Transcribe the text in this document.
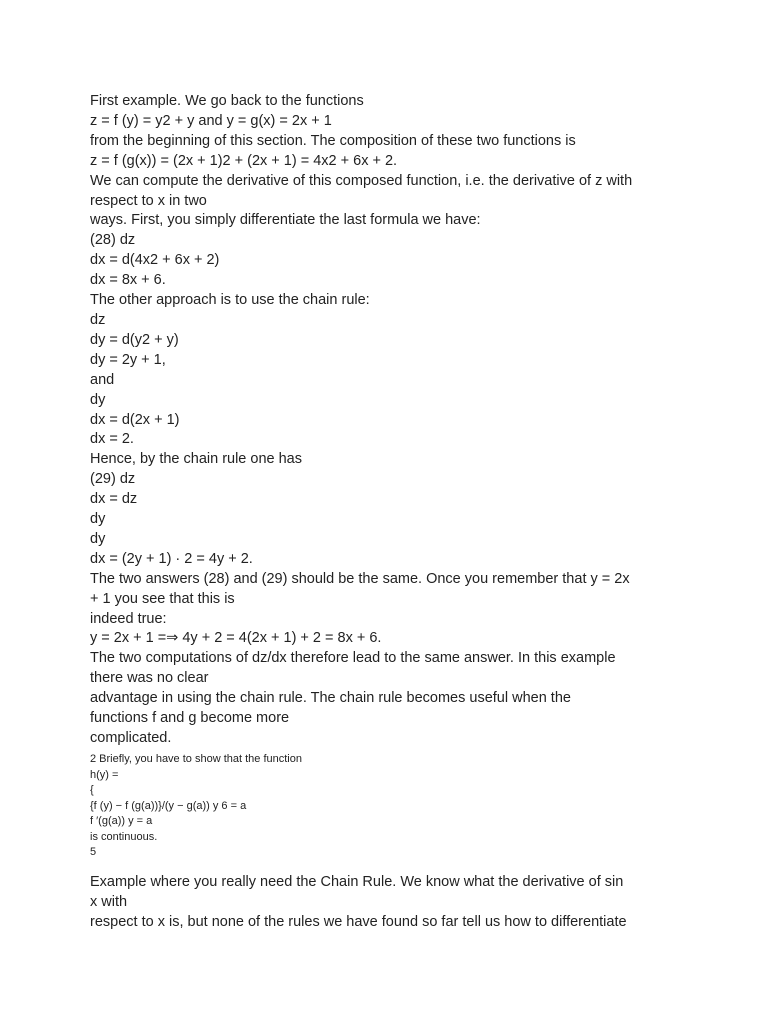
First example. We go back to the functions

z = f (y) = y2 + y and y = g(x) = 2x + 1

from the beginning of this section. The composition of these two functions is

z = f (g(x)) = (2x + 1)2 + (2x + 1) = 4x2 + 6x + 2.

We can compute the derivative of this composed function, i.e. the derivative of z with

respect to x in two

ways. First, you simply differentiate the last formula we have:

(28) dz

dx = d(4x2 + 6x + 2)

dx = 8x + 6.

The other approach is to use the chain rule:

dz

dy = d(y2 + y)

dy = 2y + 1,

and

dy

dx = d(2x + 1)

dx = 2.

Hence, by the chain rule one has

(29) dz

dx = dz

dy

dy

dx = (2y + 1) · 2 = 4y + 2.

The two answers (28) and (29) should be the same. Once you remember that y = 2x

+ 1 you see that this is

indeed true:

y = 2x + 1 =⇒ 4y + 2 = 4(2x + 1) + 2 = 8x + 6.

The two computations of dz/dx therefore lead to the same answer. In this example

there was no clear

advantage in using the chain rule. The chain rule becomes useful when the

functions f and g become more

complicated.

2 Briefly, you have to show that the function

h(y) =

{

{f (y) − f (g(a))}/(y − g(a)) y 6 = a

f ′(g(a)) y = a

is continuous.

5

Example where you really need the Chain Rule. We know what the derivative of sin

x with

respect to x is, but none of the rules we have found so far tell us how to differentiate
